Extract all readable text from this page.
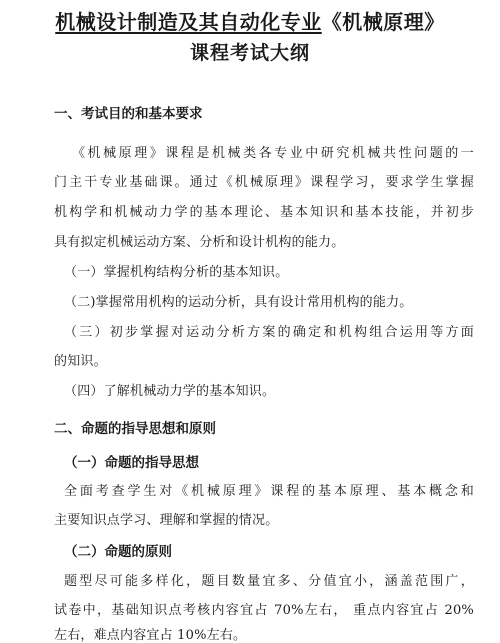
机械设计制造及其自动化专业《机械原理》
课程考试大纲
一、考试目的和基本要求
《机械原理》课程是机械类各专业中研究机械共性问题的一
门主干专业基础课。通过《机械原理》课程学习，要求学生掌握
机构学和机械动力学的基本理论、基本知识和基本技能，并初步
具有拟定机械运动方案、分析和设计机构的能力。
（一）掌握机构结构分析的基本知识。
（二)掌握常用机构的运动分析，具有设计常用机构的能力。
（三）初步掌握对运动分析方案的确定和机构组合运用等方面
的知识。
（四）了解机械动力学的基本知识。
二、命题的指导思想和原则
（一）命题的指导思想
全面考查学生对《机械原理》课程的基本原理、基本概念和
主要知识点学习、理解和掌握的情况。
（二）命题的原则
题型尽可能多样化，题目数量宜多、分值宜小，涵盖范围广，
试卷中，基础知识点考核内容宜占 70%左右， 重点内容宜占 20%
左右，难点内容宜占 10%左右。
